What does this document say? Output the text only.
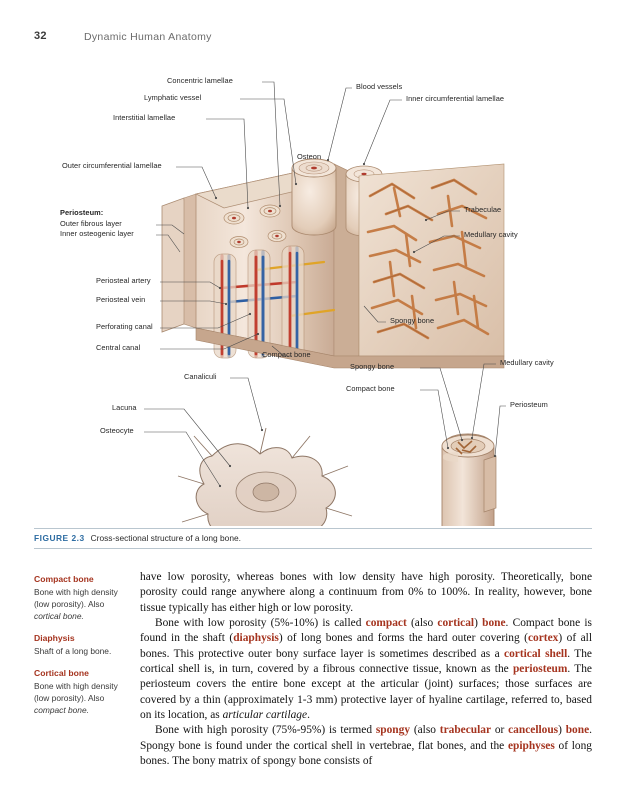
32	Dynamic Human Anatomy
Concentric lamellae
Blood vessels
Lymphatic vessel	Inner circumferential lamellae
Interstitial lamellae
Osteon
Outer circumferential lamellae
Periosteum:
Outer fibrous layer
Inner osteogenic layer
Trabeculae
Medullary cavity
Periosteal artery
Periosteal vein
Perforating canal
Central canal
Spongy bone
Compact bone
Canaliculi
Lacuna
Osteocyte
Spongy bone	Medullary cavity
Compact bone
Periosteum
FIGURE 2.3 Cross-sectional structure of a long bone.
Compact bone
Bone with high density (low porosity). Also cortical bone.
Diaphysis
Shaft of a long bone.
Cortical bone
Bone with high density (low porosity). Also compact bone.

have low porosity, whereas bones with low density have high porosity. Theoretically, bone porosity could range anywhere along a continuum from 0% to 100%. In reality, however, bone tissue typically has either high or low porosity.

Bone with low porosity (5%-10%) is called compact (also cortical) bone. Compact bone is found in the shaft (diaphysis) of long bones and forms the hard outer covering (cortex) of all bones. This protective outer bony surface layer is sometimes described as a cortical shell. The cortical shell is, in turn, covered by a fibrous connective tissue, known as the periosteum. The periosteum covers the entire bone except at the articular (joint) surfaces; those surfaces are covered by a thin (approximately 1-3 mm) protective layer of hyaline cartilage, referred to, based on its location, as articular cartilage.

Bone with high porosity (75%-95%) is termed spongy (also trabecular or cancellous) bone. Spongy bone is found under the cortical shell in vertebrae, flat bones, and the epiphyses of long bones. The bony matrix of spongy bone consists of
